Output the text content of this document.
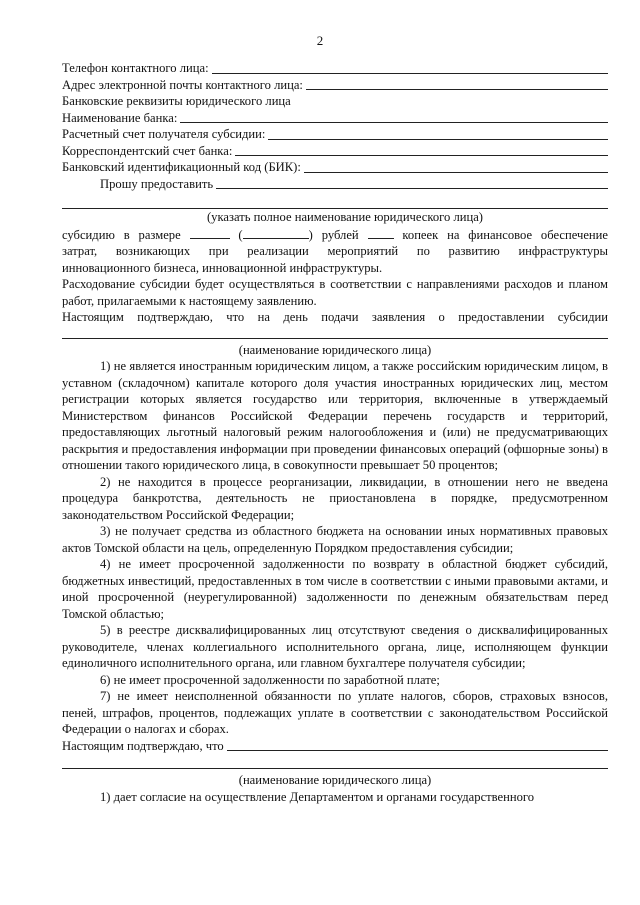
2
Телефон контактного лица:
Адрес электронной почты контактного лица:
Банковские реквизиты юридического лица
Наименование банка:
Расчетный счет получателя субсидии:
Корреспондентский счет банка:
Банковский идентификационный код (БИК):
Прошу предоставить
(указать полное наименование юридического лица)
субсидию в размере	(	) рублей	копеек на финансовое обеспечение

затрат, возникающих при реализации мероприятий по развитию инфраструктуры

инновационного бизнеса, инновационной инфраструктуры.

Расходование субсидии будет осуществляться в соответствии с направлениями расходов и планом работ, прилагаемыми к настоящему заявлению.

Настоящим подтверждаю, что на день подачи заявления о предоставлении субсидии

(наименование юридического лица)

1) не является иностранным юридическим лицом, а также российским юридическим лицом, в уставном (складочном) капитале которого доля участия иностранных юридических лиц, местом регистрации которых является государство или территория, включенные в утверждаемый Министерством финансов Российской Федерации перечень государств и территорий, предоставляющих льготный налоговый режим налогообложения и (или) не предусматривающих раскрытия и предоставления информации при проведении финансовых операций (офшорные зоны) в отношении такого юридического лица, в совокупности превышает 50 процентов;

2) не находится в процессе реорганизации, ликвидации, в отношении него не введена процедура банкротства, деятельность не приостановлена в порядке, предусмотренном законодательством Российской Федерации;

3) не получает средства из областного бюджета на основании иных нормативных правовых актов Томской области на цель, определенную Порядком предоставления субсидии;

4) не имеет просроченной задолженности по возврату в областной бюджет субсидий, бюджетных инвестиций, предоставленных в том числе в соответствии с иными правовыми актами, и иной просроченной (неурегулированной) задолженности по денежным обязательствам перед Томской областью;

5) в реестре дисквалифицированных лиц отсутствуют сведения о дисквалифицированных руководителе, членах коллегиального исполнительного органа, лице, исполняющем функции единоличного исполнительного органа, или главном бухгалтере получателя субсидии;

6) не имеет просроченной задолженности по заработной плате;

7) не имеет неисполненной обязанности по уплате налогов, сборов, страховых взносов, пеней, штрафов, процентов, подлежащих уплате в соответствии с законодательством Российской Федерации о налогах и сборах.

Настоящим подтверждаю, что
(наименование юридического лица)

1) дает согласие на осуществление Департаментом и органами государственного
